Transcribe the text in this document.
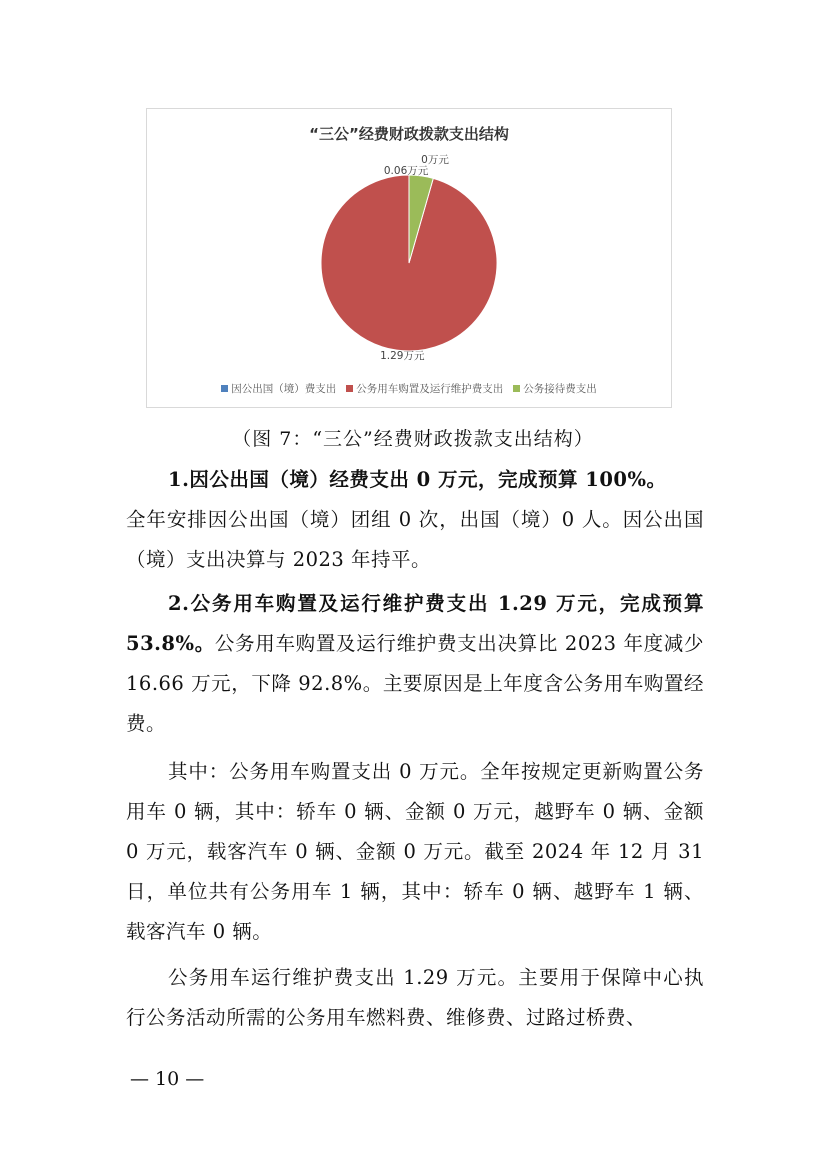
“三公”经费财政拨款支出结构
0万元
1.29万元
0.06万元
因公出国（境）费支出 公务用车购置及运行维护费支出 公务接待费支出
（图 7：“三公”经费财政拨款支出结构）
1.因公出国（境）经费支出 0 万元，完成预算 100%。
全年安排因公出国（境）团组 0 次，出国（境）0 人。因公出国（境）支出决算与 2023 年持平。
2.公务用车购置及运行维护费支出 1.29 万元，完成预算 53.8%。公务用车购置及运行维护费支出决算比 2023 年度减少 16.66 万元，下降 92.8%。主要原因是上年度含公务用车购置经费。
其中：公务用车购置支出 0 万元。全年按规定更新购置公务用车 0 辆，其中：轿车 0 辆、金额 0 万元，越野车 0 辆、金额 0 万元，载客汽车 0 辆、金额 0 万元。截至 2024 年 12 月 31 日，单位共有公务用车 1 辆，其中：轿车 0 辆、越野车 1 辆、载客汽车 0 辆。
公务用车运行维护费支出 1.29 万元。主要用于保障中心执行公务活动所需的公务用车燃料费、维修费、过路过桥费、
— 10 —
